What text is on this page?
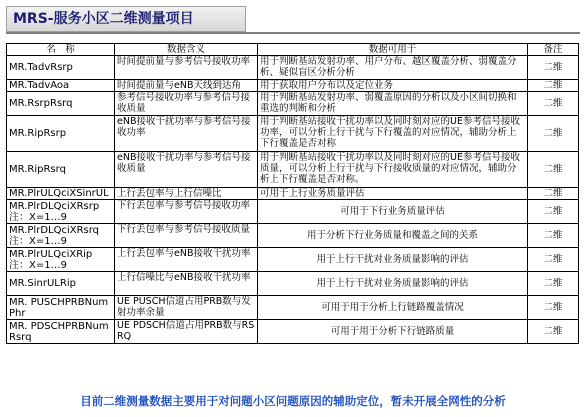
MRS-服务小区二维测量项目
名　称	数据含义	数据可用于	备注
MR.TadvRsrp	时间提前量与参考信号接收功率	用于判断基站发射功率、用户分布、越区覆盖分析、弱覆盖分析、疑似盲区分析分析	二维
MR.TadvAoa	时间提前量与eNB天线到达角	用于获取用户分布以及定位业务	二维
MR.RsrpRsrq	参考信号接收功率与参考信号接收质量	用于判断基站发射功率、弱覆盖原因的分析以及小区间切换和重选的判断和分析	二维
MR.RipRsrp	eNB接收干扰功率与参考信号接收功率	用于判断基站接收干扰功率以及同时刻对应的UE参考信号接收功率，可以分析上行干扰与下行覆盖的对应情况，辅助分析上下行覆盖是否对称	二维
MR.RipRsrq	eNB接收干扰功率与参考信号接收质量	用于判断基站接收干扰功率以及同时刻对应的UE参考信号接收质量，可以分析上行干扰与下行接收质量的对应情况，辅助分析上下行覆盖是否对称。	二维
MR.PlrULQciXSinrUL	上行丢包率与上行信噪比	可用于上行业务质量评估	二维
MR.PlrDLQciXRsrp 注：X=1…9	下行丢包率与参考信号接收功率	可用于下行业务质量评估	二维
MR.PlrDLQciXRsrq 注：X=1…9	下行丢包率与参考信号接收质量	用于分析下行业务质量和覆盖之间的关系	二维
MR.PlrULQciXRip 注：X=1…9	上行丢包率与eNB接收干扰功率	用于上行干扰对业务质量影响的评估	二维
MR.SinrULRip	上行信噪比与eNB接收干扰功率	用于上行干扰对业务质量影响的评估	二维
MR. PUSCHPRBNumPhr	UE PUSCH信道占用PRB数与发射功率余量	可用于用于分析上行链路覆盖情况	二维
MR. PDSCHPRBNumRsrq	UE PDSCH信道占用PRB数与RSRQ	可用于用于分析下行链路质量	二维
目前二维测量数据主要用于对问题小区问题原因的辅助定位，暂未开展全网性的分析
